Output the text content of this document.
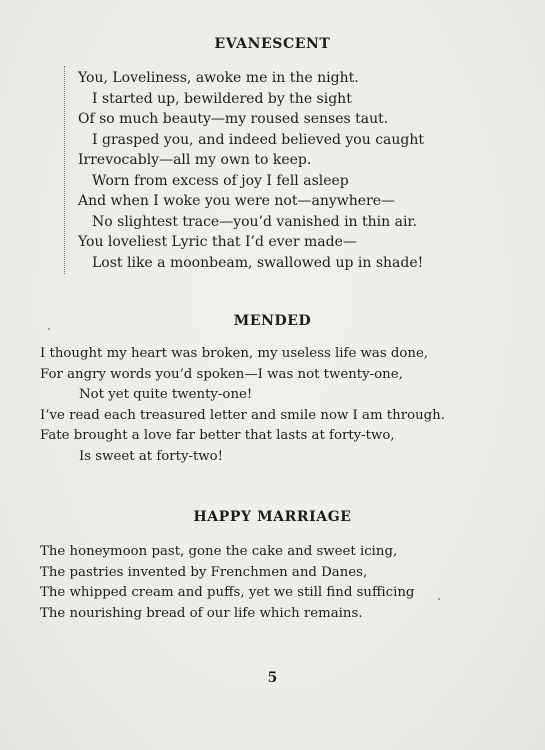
EVANESCENT
You, Loveliness, awoke me in the night.
I started up, bewildered by the sight
Of so much beauty—my roused senses taut.
I grasped you, and indeed believed you caught
Irrevocably—all my own to keep.
Worn from excess of joy I fell asleep
And when I woke you were not—anywhere—
No slightest trace—you’d vanished in thin air.
You loveliest Lyric that I’d ever made—
Lost like a moonbeam, swallowed up in shade!
MENDED
I thought my heart was broken, my useless life was done,
For angry words you’d spoken—I was not twenty-one,
Not yet quite twenty-one!
I’ve read each treasured letter and smile now I am through.
Fate brought a love far better that lasts at forty-two,
Is sweet at forty-two!
HAPPY MARRIAGE
The honeymoon past, gone the cake and sweet icing,
The pastries invented by Frenchmen and Danes,
The whipped cream and puffs, yet we still find sufficing
The nourishing bread of our life which remains.
5
